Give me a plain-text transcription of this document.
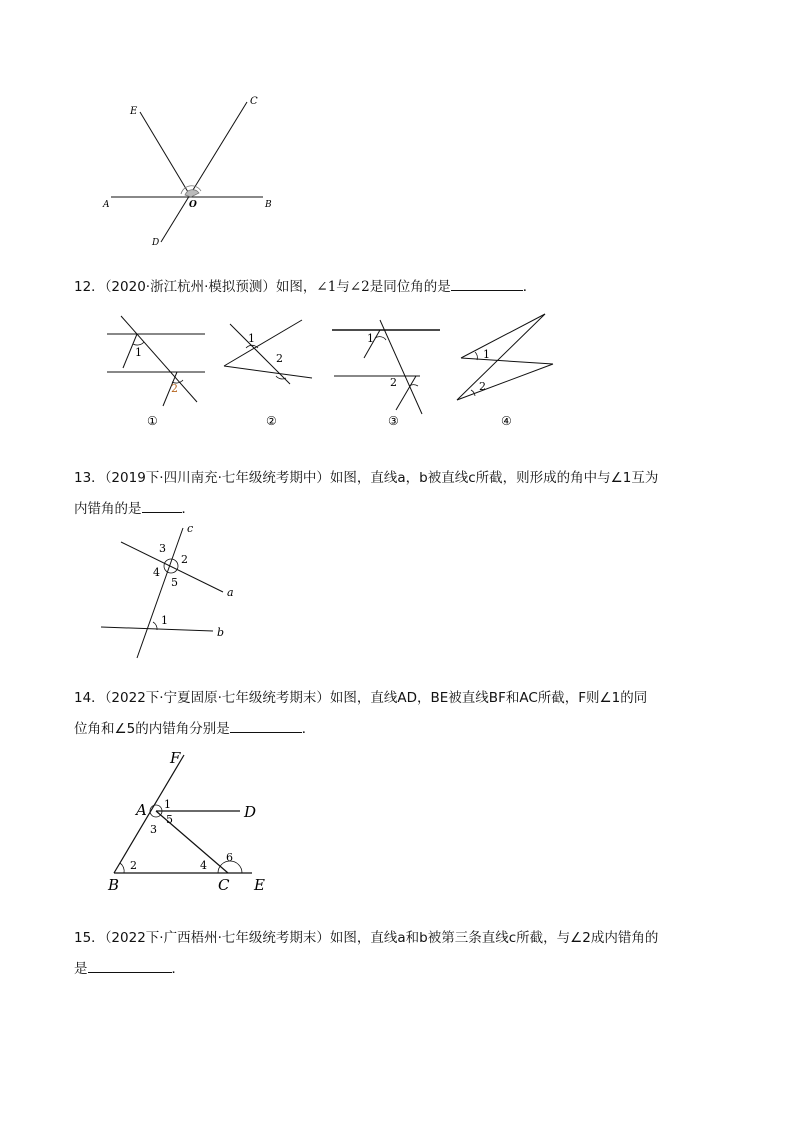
E
C
A	O	B
D
12．（2020·浙江杭州·模拟预测）如图，∠1与∠2是同位角的是	．
1
2
①
1
2
②
1
2
③
1
2
④
13．（2019下·四川南充·七年级统考期中）如图，直线a，b被直线c所截，则形成的角中与∠1互为
内错角的是	．
c
3
2
4
5
a
1
b
14．（2022下·宁夏固原·七年级统考期末）如图，直线AD，BE被直线BF和AC所截，F则∠1的同
位角和∠5的内错角分别是	．
F
A 1	D
5
3
6
2	4
B	C E
15．（2022下·广西梧州·七年级统考期末）如图，直线a和b被第三条直线c所截，与∠2成内错角的
是	．
